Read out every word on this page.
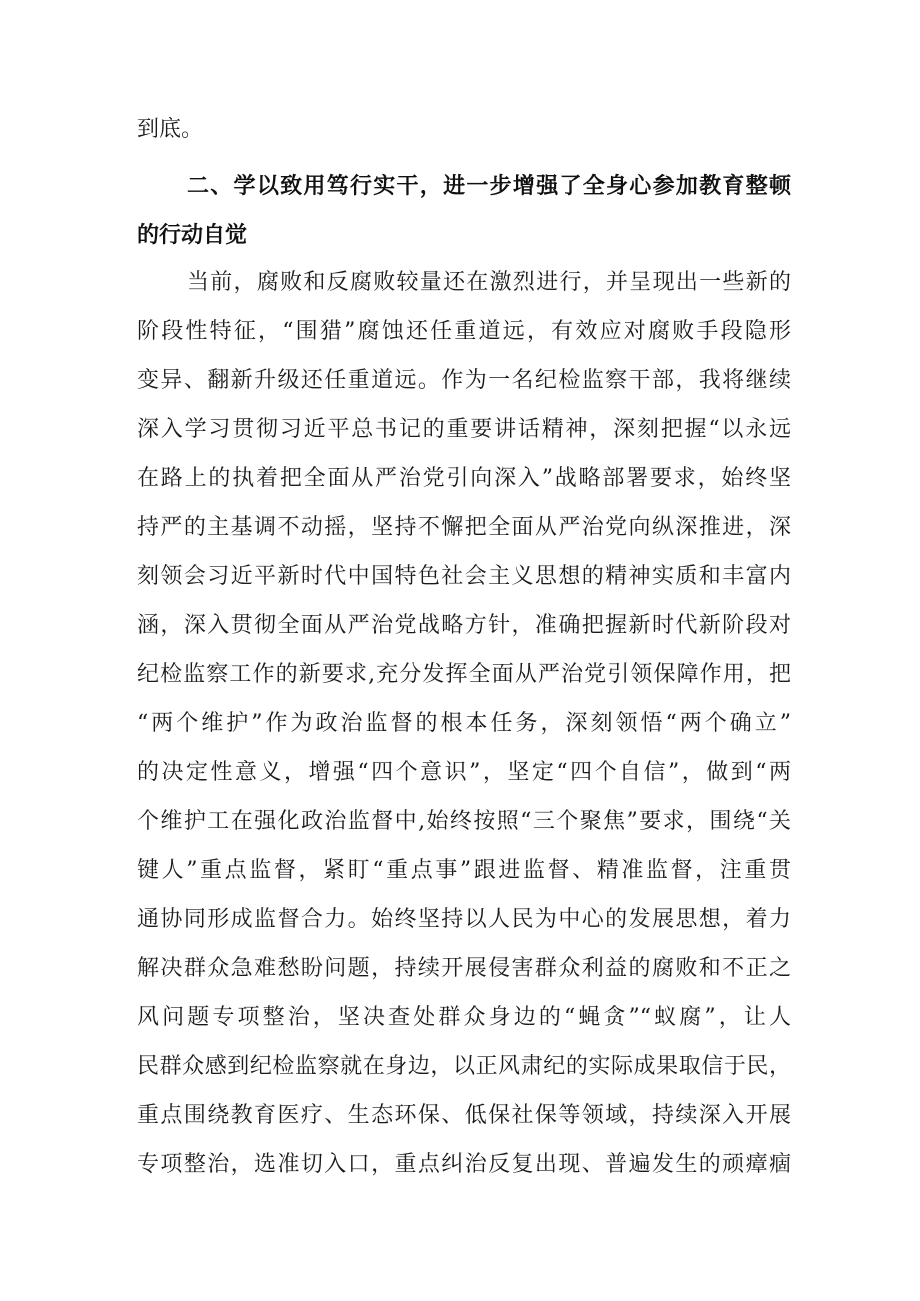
到底。
二、学以致用笃行实干，进一步增强了全身心参加教育整顿
的行动自觉
当前，腐败和反腐败较量还在激烈进行，并呈现出一些新的
阶段性特征，“围猎”腐蚀还任重道远，有效应对腐败手段隐形
变异、翻新升级还任重道远。作为一名纪检监察干部，我将继续
深入学习贯彻习近平总书记的重要讲话精神，深刻把握“以永远
在路上的执着把全面从严治党引向深入”战略部署要求，始终坚
持严的主基调不动摇，坚持不懈把全面从严治党向纵深推进，深
刻领会习近平新时代中国特色社会主义思想的精神实质和丰富内
涵，深入贯彻全面从严治党战略方针，准确把握新时代新阶段对
纪检监察工作的新要求,充分发挥全面从严治党引领保障作用，把
“两个维护”作为政治监督的根本任务，深刻领悟“两个确立”
的决定性意义，增强“四个意识”，坚定“四个自信”，做到“两
个维护工在强化政治监督中,始终按照“三个聚焦”要求，围绕“关
键人”重点监督，紧盯“重点事”跟进监督、精准监督，注重贯
通协同形成监督合力。始终坚持以人民为中心的发展思想，着力
解决群众急难愁盼问题，持续开展侵害群众利益的腐败和不正之
风问题专项整治，坚决查处群众身边的“蝇贪”“蚁腐”，让人
民群众感到纪检监察就在身边，以正风肃纪的实际成果取信于民，
重点围绕教育医疗、生态环保、低保社保等领域，持续深入开展
专项整治，选准切入口，重点纠治反复出现、普遍发生的顽瘴痼
